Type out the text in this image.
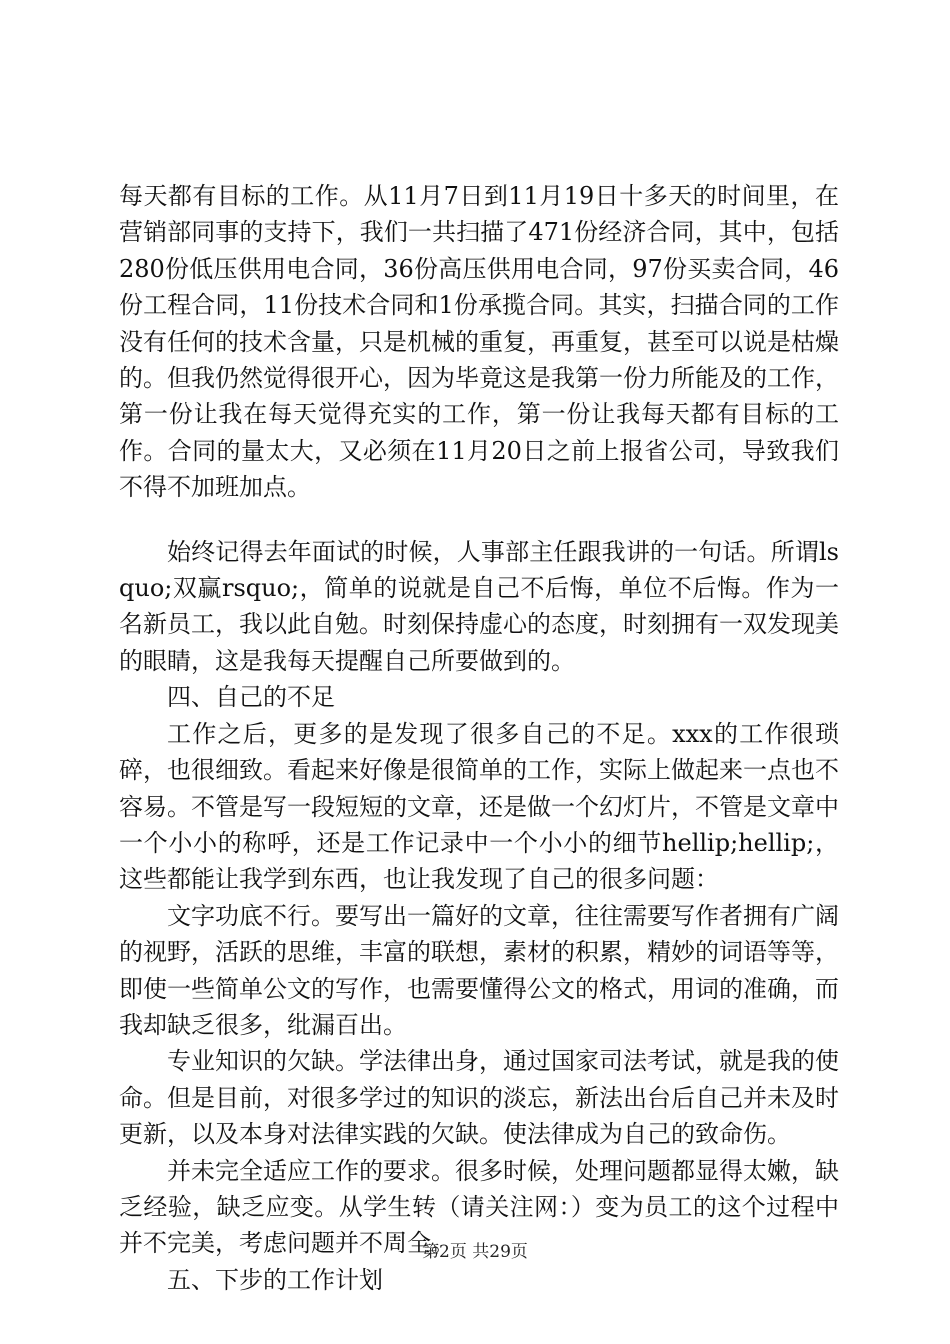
每天都有目标的工作。从11月7日到11月19日十多天的时间里，在营销部同事的支持下，我们一共扫描了471份经济合同，其中，包括280份低压供用电合同，36份高压供用电合同，97份买卖合同，46份工程合同，11份技术合同和1份承揽合同。其实，扫描合同的工作没有任何的技术含量，只是机械的重复，再重复，甚至可以说是枯燥的。但我仍然觉得很开心，因为毕竟这是我第一份力所能及的工作，第一份让我在每天觉得充实的工作，第一份让我每天都有目标的工作。合同的量太大，又必须在11月20日之前上报省公司，导致我们不得不加班加点。

始终记得去年面试的时候，人事部主任跟我讲的一句话。所谓lsquo;双赢rsquo;，简单的说就是自己不后悔，单位不后悔。作为一名新员工，我以此自勉。时刻保持虚心的态度，时刻拥有一双发现美的眼睛，这是我每天提醒自己所要做到的。

四、自己的不足

工作之后，更多的是发现了很多自己的不足。xxx的工作很琐碎，也很细致。看起来好像是很简单的工作，实际上做起来一点也不容易。不管是写一段短短的文章，还是做一个幻灯片，不管是文章中一个小小的称呼，还是工作记录中一个小小的细节hellip;hellip;，这些都能让我学到东西，也让我发现了自己的很多问题：

文字功底不行。要写出一篇好的文章，往往需要写作者拥有广阔的视野，活跃的思维，丰富的联想，素材的积累，精妙的词语等等，即使一些简单公文的写作，也需要懂得公文的格式，用词的准确，而我却缺乏很多，纰漏百出。

专业知识的欠缺。学法律出身，通过国家司法考试，就是我的使命。但是目前，对很多学过的知识的淡忘，新法出台后自己并未及时更新，以及本身对法律实践的欠缺。使法律成为自己的致命伤。

并未完全适应工作的要求。很多时候，处理问题都显得太嫩，缺乏经验，缺乏应变。从学生转（请关注网：）变为员工的这个过程中并不完美，考虑问题并不周全。

五、下步的工作计划

第2页 共29页
